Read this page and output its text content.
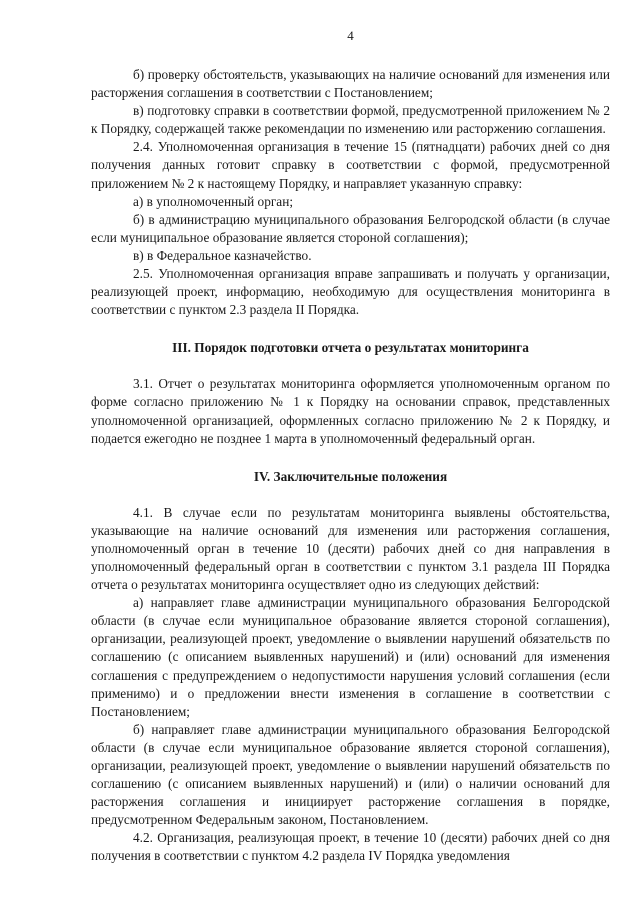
4

б) проверку обстоятельств, указывающих на наличие оснований для изменения или расторжения соглашения в соответствии с Постановлением;

в) подготовку справки в соответствии формой, предусмотренной приложением № 2 к Порядку, содержащей также рекомендации по изменению или расторжению соглашения.

2.4. Уполномоченная организация в течение 15 (пятнадцати) рабочих дней со дня получения данных готовит справку в соответствии с формой, предусмотренной приложением № 2 к настоящему Порядку, и направляет указанную справку:

а) в уполномоченный орган;

б) в администрацию муниципального образования Белгородской области (в случае если муниципальное образование является стороной соглашения);

в) в Федеральное казначейство.

2.5. Уполномоченная организация вправе запрашивать и получать у организации, реализующей проект, информацию, необходимую для осуществления мониторинга в соответствии с пунктом 2.3 раздела II Порядка.

III. Порядок подготовки отчета о результатах мониторинга

3.1. Отчет о результатах мониторинга оформляется уполномоченным органом по форме согласно приложению № 1 к Порядку на основании справок, представленных уполномоченной организацией, оформленных согласно приложению № 2 к Порядку, и подается ежегодно не позднее 1 марта в уполномоченный федеральный орган.

IV. Заключительные положения

4.1. В случае если по результатам мониторинга выявлены обстоятельства, указывающие на наличие оснований для изменения или расторжения соглашения, уполномоченный орган в течение 10 (десяти) рабочих дней со дня направления в уполномоченный федеральный орган в соответствии с пунктом 3.1 раздела III Порядка отчета о результатах мониторинга осуществляет одно из следующих действий:

а) направляет главе администрации муниципального образования Белгородской области (в случае если муниципальное образование является стороной соглашения), организации, реализующей проект, уведомление о выявлении нарушений обязательств по соглашению (с описанием выявленных нарушений) и (или) оснований для изменения соглашения с предупреждением о недопустимости нарушения условий соглашения (если применимо) и о предложении внести изменения в соглашение в соответствии с Постановлением;

б) направляет главе администрации муниципального образования Белгородской области (в случае если муниципальное образование является стороной соглашения), организации, реализующей проект, уведомление о выявлении нарушений обязательств по соглашению (с описанием выявленных нарушений) и (или) о наличии оснований для расторжения соглашения и инициирует расторжение соглашения в порядке, предусмотренном Федеральным законом, Постановлением.

4.2. Организация, реализующая проект, в течение 10 (десяти) рабочих дней со дня получения в соответствии с пунктом 4.2 раздела IV Порядка уведомления
